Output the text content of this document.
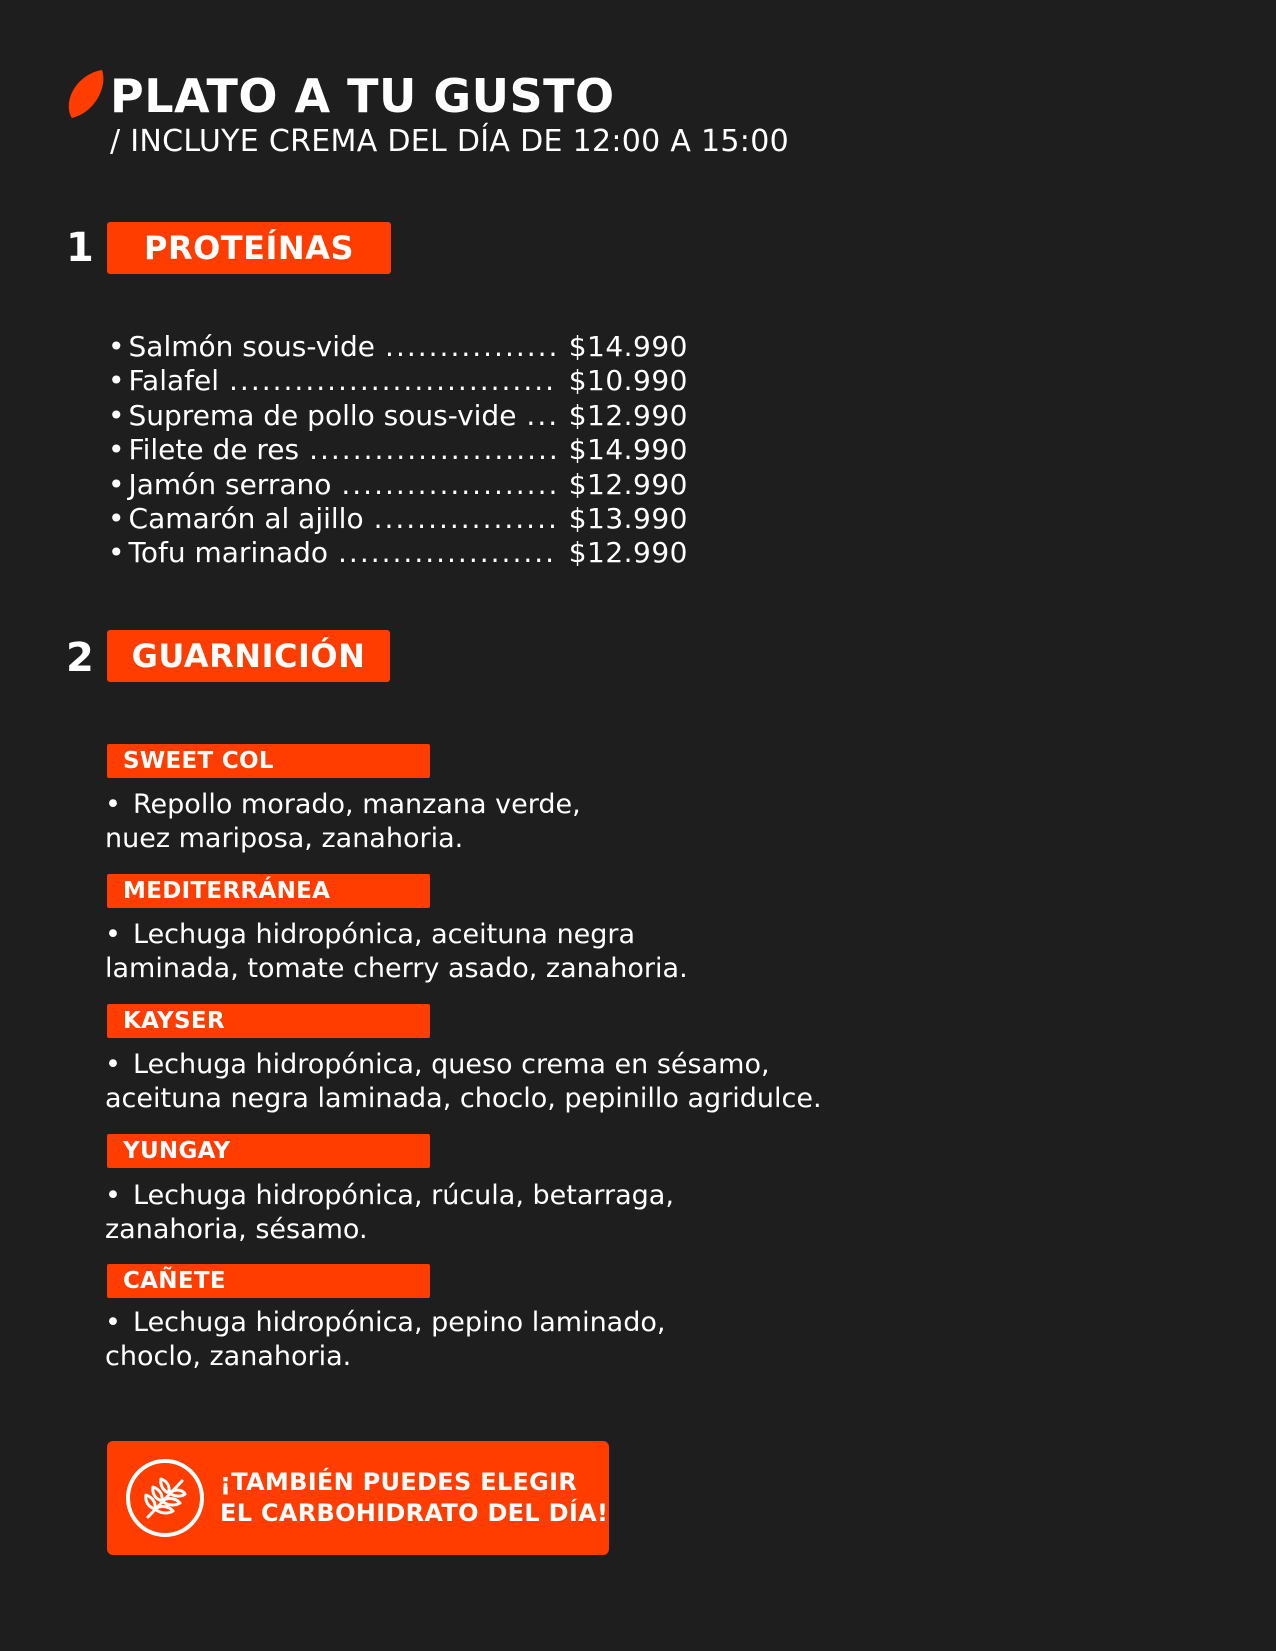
PLATO A TU GUSTO
/ INCLUYE CREMA DEL DÍA DE 12:00 A 15:00
1	PROTEÍNAS
• Salmón sous-vide .....	$14.990
• Falafel .....	$10.990
• Suprema de pollo sous-vide ..... $12.990
• Filete de res .....	$14.990
• Jamón serrano .....	$12.990
• Camarón al ajillo .....	$13.990
• Tofu marinado .....	$12.990
2	GUARNICIÓN
SWEET COL
• Repollo morado, manzana verde,
nuez mariposa, zanahoria.
MEDITERRÁNEA
• Lechuga hidropónica, aceituna negra
laminada, tomate cherry asado, zanahoria.
KAYSER
• Lechuga hidropónica, queso crema en sésamo,
aceituna negra laminada, choclo, pepinillo agridulce.
YUNGAY
• Lechuga hidropónica, rúcula, betarraga,
zanahoria, sésamo.
CAÑETE
• Lechuga hidropónica, pepino laminado,
choclo, zanahoria.
¡TAMBIÉN PUEDES ELEGIR
EL CARBOHIDRATO DEL DÍA!
